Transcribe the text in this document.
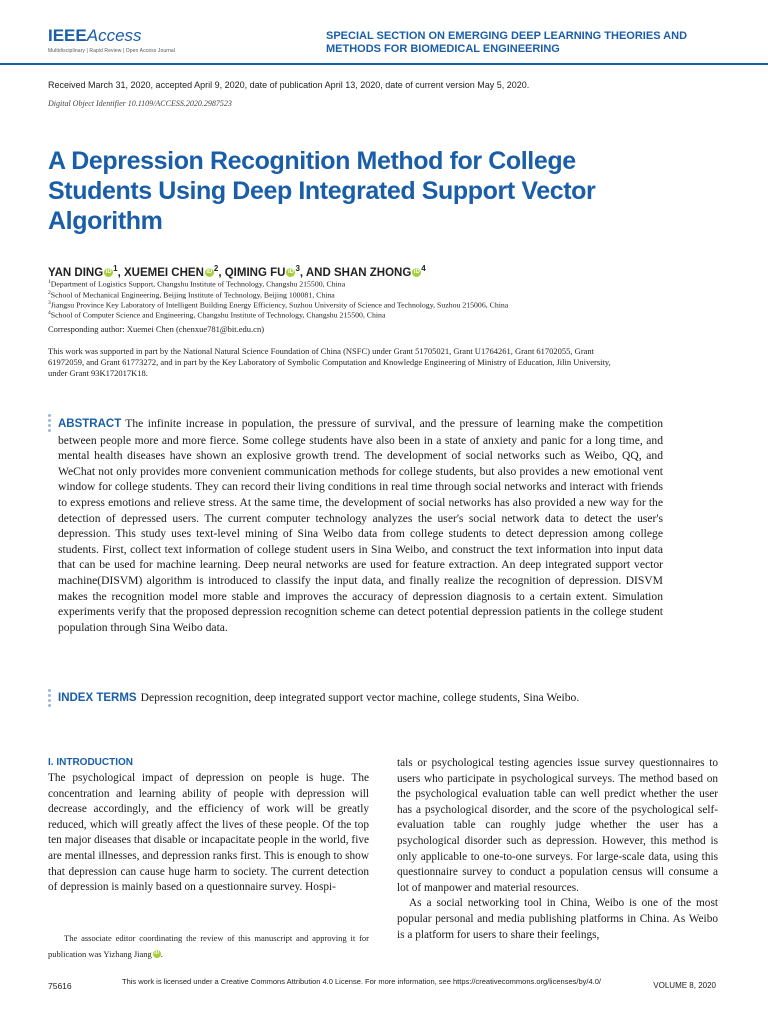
IEEEAccess
Multidisciplinary | Rapid Review | Open Access Journal
SPECIAL SECTION ON EMERGING DEEP LEARNING THEORIES AND METHODS FOR BIOMEDICAL ENGINEERING
Received March 31, 2020, accepted April 9, 2020, date of publication April 13, 2020, date of current version May 5, 2020.
Digital Object Identifier 10.1109/ACCESS.2020.2987523
A Depression Recognition Method for College Students Using Deep Integrated Support Vector Algorithm
YAN DING iD $^1$, XUEMEI CHEN iD $^2$, QIMING FU iD $^3$, AND SHAN ZHONG iD $^4$
$^1$Department of Logistics Support, Changshu Institute of Technology, Changshu 215500, China
$^2$School of Mechanical Engineering, Beijing Institute of Technology, Beijing 100081, China
$^3$Jiangsu Province Key Laboratory of Intelligent Building Energy Efficiency, Suzhou University of Science and Technology, Suzhou 215006, China
$^4$School of Computer Science and Engineering, Changshu Institute of Technology, Changshu 215500, China
Corresponding author: Xuemei Chen (chenxue781@bit.edu.cn)
This work was supported in part by the National Natural Science Foundation of China (NSFC) under Grant 51705021, Grant U1764261, Grant 61702055, Grant 61972059, and Grant 61773272, and in part by the Key Laboratory of Symbolic Computation and Knowledge Engineering of Ministry of Education, Jilin University, under Grant 93K172017K18.
ABSTRACT The infinite increase in population, the pressure of survival, and the pressure of learning make the competition between people more and more fierce. Some college students have also been in a state of anxiety and panic for a long time, and mental health diseases have shown an explosive growth trend. The development of social networks such as Weibo, QQ, and WeChat not only provides more convenient communication methods for college students, but also provides a new emotional vent window for college students. They can record their living conditions in real time through social networks and interact with friends to express emotions and relieve stress. At the same time, the development of social networks has also provided a new way for the detection of depressed users. The current computer technology analyzes the user's social network data to detect the user's depression. This study uses text-level mining of Sina Weibo data from college students to detect depression among college students. First, collect text information of college student users in Sina Weibo, and construct the text information into input data that can be used for machine learning. Deep neural networks are used for feature extraction. An deep integrated support vector machine(DISVM) algorithm is introduced to classify the input data, and finally realize the recognition of depression. DISVM makes the recognition model more stable and improves the accuracy of depression diagnosis to a certain extent. Simulation experiments verify that the proposed depression recognition scheme can detect potential depression patients in the college student population through Sina Weibo data.
INDEX TERMS Depression recognition, deep integrated support vector machine, college students, Sina Weibo.
I. INTRODUCTION

The psychological impact of depression on people is huge. The concentration and learning ability of people with depression will decrease accordingly, and the efficiency of work will be greatly reduced, which will greatly affect the lives of these people. Of the top ten major diseases that disable or incapacitate people in the world, five are mental illnesses, and depression ranks first. This is enough to show that depression can cause huge harm to society. The current detection of depression is mainly based on a questionnaire survey. Hospi-

tals or psychological testing agencies issue survey questionnaires to users who participate in psychological surveys. The method based on the psychological evaluation table can well predict whether the user has a psychological disorder, and the score of the psychological self-evaluation table can roughly judge whether the user has a psychological disorder such as depression. However, this method is only applicable to one-to-one surveys. For large-scale data, using this questionnaire survey to conduct a population census will consume a lot of manpower and material resources.

As a social networking tool in China, Weibo is one of the most popular personal and media publishing platforms in China. As Weibo is a platform for users to share their feelings,

The associate editor coordinating the review of this manuscript and approving it for publication was Yizhang Jiang iD .
75616	This work is licensed under a Creative Commons Attribution 4.0 License. For more information, see https://creativecommons.org/licenses/by/4.0/	VOLUME 8, 2020
